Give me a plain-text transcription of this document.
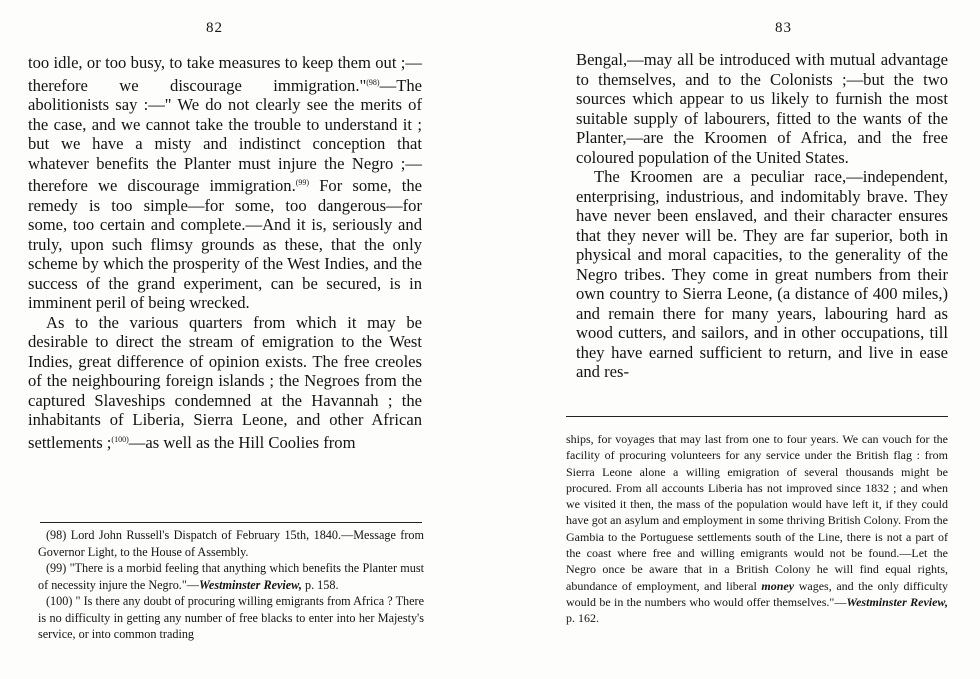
82

too idle, or too busy, to take measures to keep them out ;—therefore we discourage immigration."$^{(98)}$—The abolitionists say :—" We do not clearly see the merits of the case, and we cannot take the trouble to understand it ; but we have a misty and indistinct conception that whatever benefits the Planter must injure the Negro ;—therefore we discourage immigration.$^{(99)}$ For some, the remedy is too simple—for some, too dangerous—for some, too certain and complete.—And it is, seriously and truly, upon such flimsy grounds as these, that the only scheme by which the prosperity of the West Indies, and the success of the grand experiment, can be secured, is in imminent peril of being wrecked.

As to the various quarters from which it may be desirable to direct the stream of emigration to the West Indies, great difference of opinion exists. The free creoles of the neighbouring foreign islands ; the Negroes from the captured Slaveships condemned at the Havannah ; the inhabitants of Liberia, Sierra Leone, and other African settlements ;$^{(100)}$—as well as the Hill Coolies from

(98) Lord John Russell's Dispatch of February 15th, 1840.—Message from Governor Light, to the House of Assembly.

(99) "There is a morbid feeling that anything which benefits the Planter must of necessity injure the Negro."—Westminster Review, p. 158.

(100) " Is there any doubt of procuring willing emigrants from Africa ? There is no difficulty in getting any number of free blacks to enter into her Majesty's service, or into common trading

83

Bengal,—may all be introduced with mutual advantage to themselves, and to the Colonists ;—but the two sources which appear to us likely to furnish the most suitable supply of labourers, fitted to the wants of the Planter,—are the Kroomen of Africa, and the free coloured population of the United States.

The Kroomen are a peculiar race,—independent, enterprising, industrious, and indomitably brave. They have never been enslaved, and their character ensures that they never will be. They are far superior, both in physical and moral capacities, to the generality of the Negro tribes. They come in great numbers from their own country to Sierra Leone, (a distance of 400 miles,) and remain there for many years, labouring hard as wood cutters, and sailors, and in other occupations, till they have earned sufficient to return, and live in ease and res-

ships, for voyages that may last from one to four years. We can vouch for the facility of procuring volunteers for any service under the British flag : from Sierra Leone alone a willing emigration of several thousands might be procured. From all accounts Liberia has not improved since 1832 ; and when we visited it then, the mass of the population would have left it, if they could have got an asylum and employment in some thriving British Colony. From the Gambia to the Portuguese settlements south of the Line, there is not a part of the coast where free and willing emigrants would not be found.—Let the Negro once be aware that in a British Colony he will find equal rights, abundance of employment, and liberal money wages, and the only difficulty would be in the numbers who would offer themselves."—Westminster Review, p. 162.
